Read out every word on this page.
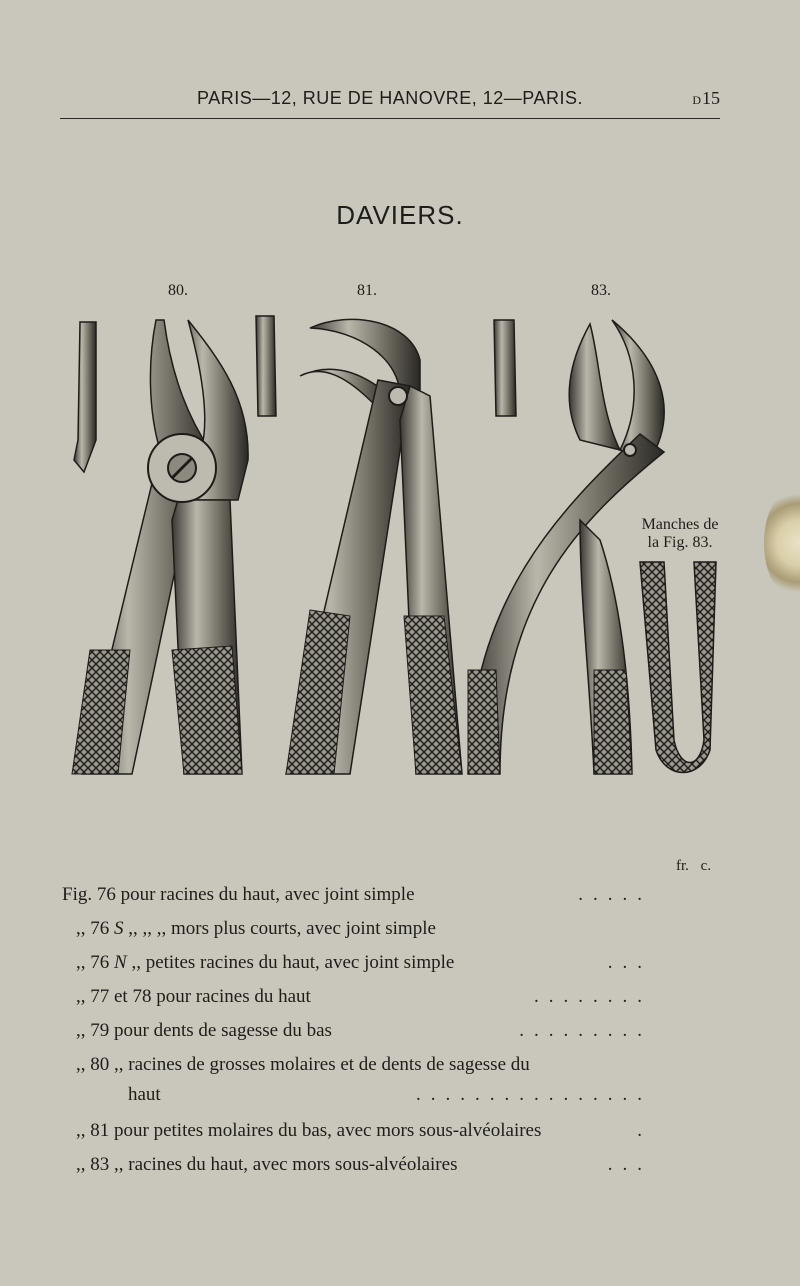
PARIS—12, RUE DE HANOVRE, 12—PARIS.	D15
DAVIERS.
80.	81.	83.
Manches de
la Fig. 83.
fr. c.
Fig. 76 pour racines du haut, avec joint simple	.....
,, 76 S ,, ,, ,, mors plus courts, avec joint simple
,, 76 N ,, petites racines du haut, avec joint simple	...
,, 77 et 78 pour racines du haut	........
,, 79 pour dents de sagesse du bas	.........
,, 80 ,, racines de grosses molaires et de dents de sagesse du
haut	................
,, 81 pour petites molaires du bas, avec mors sous-alvéolaires	.
,, 83 ,, racines du haut, avec mors sous-alvéolaires	...
